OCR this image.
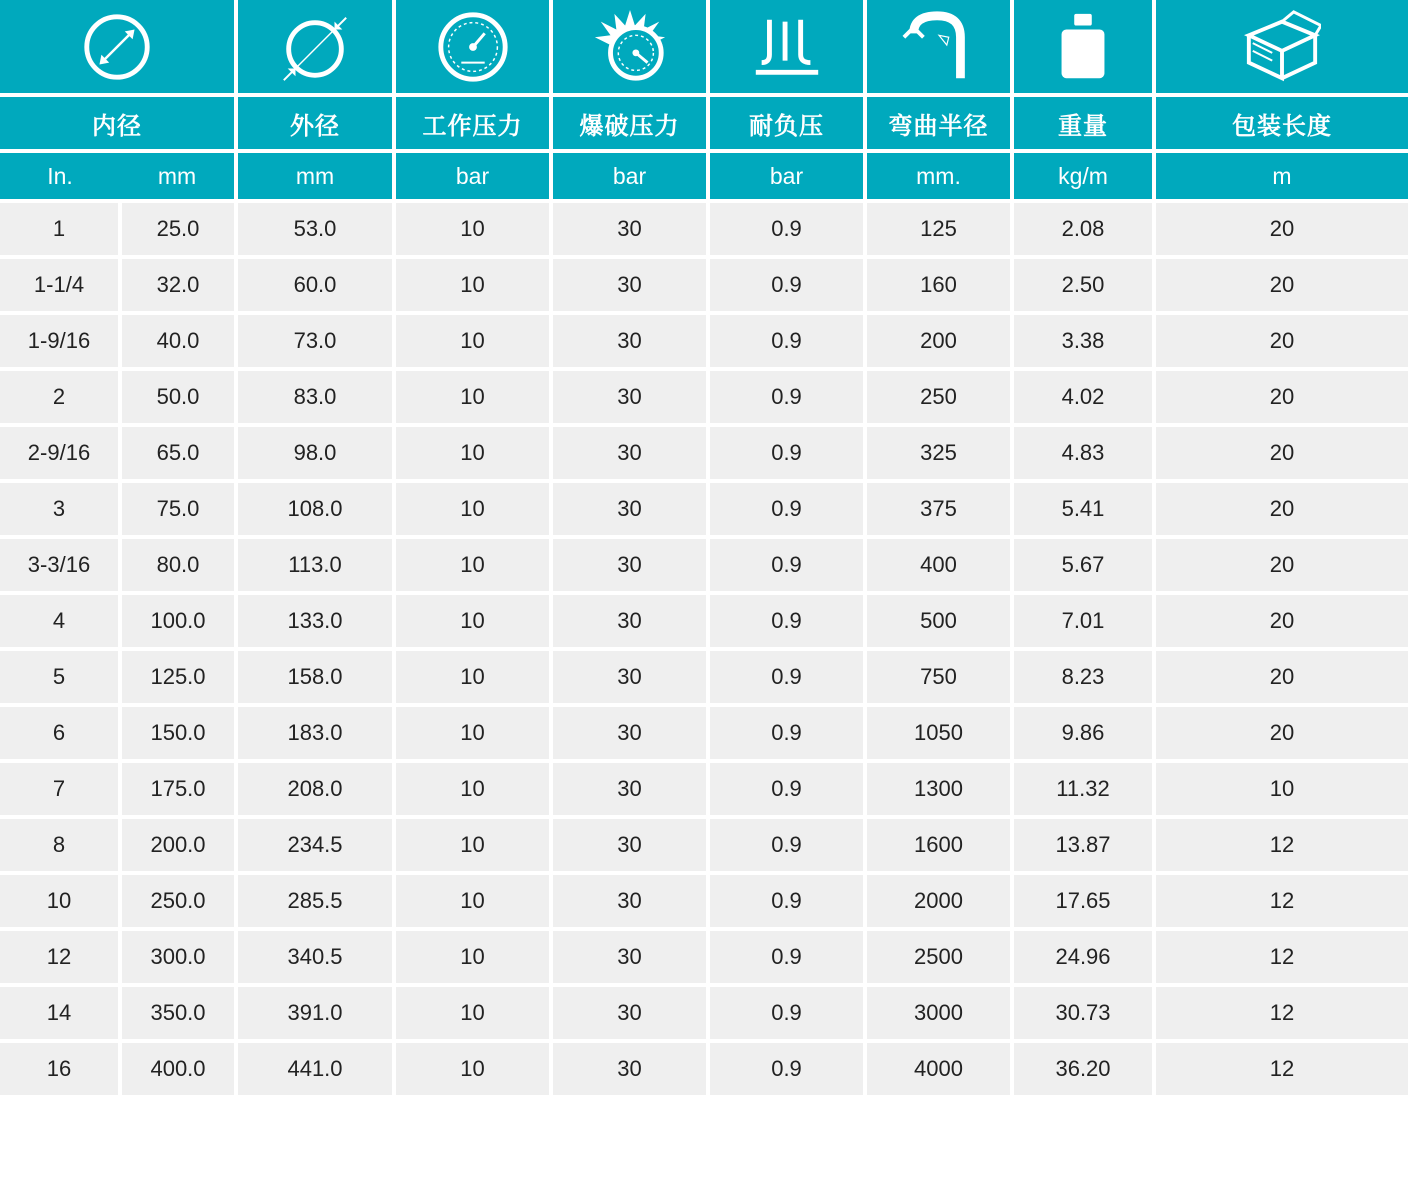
内径		外径	工作压力	爆破压力	耐负压	弯曲半径	重量	包装长度
In.	mm	mm	bar	bar	bar	mm.	kg/m	m
1	25.0	53.0	10	30	0.9	125	2.08	20
1-1/4	32.0	60.0	10	30	0.9	160	2.50	20
1-9/16	40.0	73.0	10	30	0.9	200	3.38	20
2	50.0	83.0	10	30	0.9	250	4.02	20
2-9/16	65.0	98.0	10	30	0.9	325	4.83	20
3	75.0	108.0	10	30	0.9	375	5.41	20
3-3/16	80.0	113.0	10	30	0.9	400	5.67	20
4	100.0	133.0	10	30	0.9	500	7.01	20
5	125.0	158.0	10	30	0.9	750	8.23	20
6	150.0	183.0	10	30	0.9	1050	9.86	20
7	175.0	208.0	10	30	0.9	1300	11.32	10
8	200.0	234.5	10	30	0.9	1600	13.87	12
10	250.0	285.5	10	30	0.9	2000	17.65	12
12	300.0	340.5	10	30	0.9	2500	24.96	12
14	350.0	391.0	10	30	0.9	3000	30.73	12
16	400.0	441.0	10	30	0.9	4000	36.20	12
